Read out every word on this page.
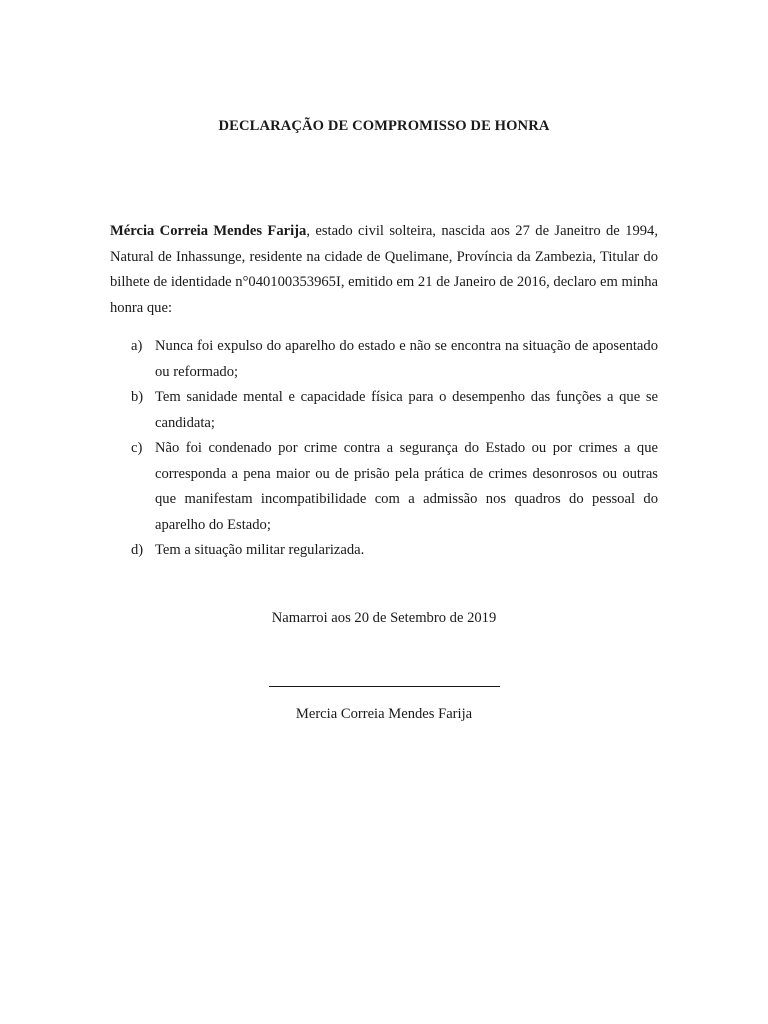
DECLARAÇÃO DE COMPROMISSO DE HONRA

Mércia Correia Mendes Farija, estado civil solteira, nascida aos 27 de Janeitro de 1994, Natural de Inhassunge, residente na cidade de Quelimane, Província da Zambezia, Titular do bilhete de identidade n°040100353965I, emitido em 21 de Janeiro de 2016, declaro em minha honra que:

a) Nunca foi expulso do aparelho do estado e não se encontra na situação de aposentado ou reformado;
b) Tem sanidade mental e capacidade física para o desempenho das funções a que se candidata;
c) Não foi condenado por crime contra a segurança do Estado ou por crimes a que corresponda a pena maior ou de prisão pela prática de crimes desonrosos ou outras que manifestam incompatibilidade com a admissão nos quadros do pessoal do aparelho do Estado;
d) Tem a situação militar regularizada.
Namarroi aos 20 de Setembro de 2019
Mercia Correia Mendes Farija
